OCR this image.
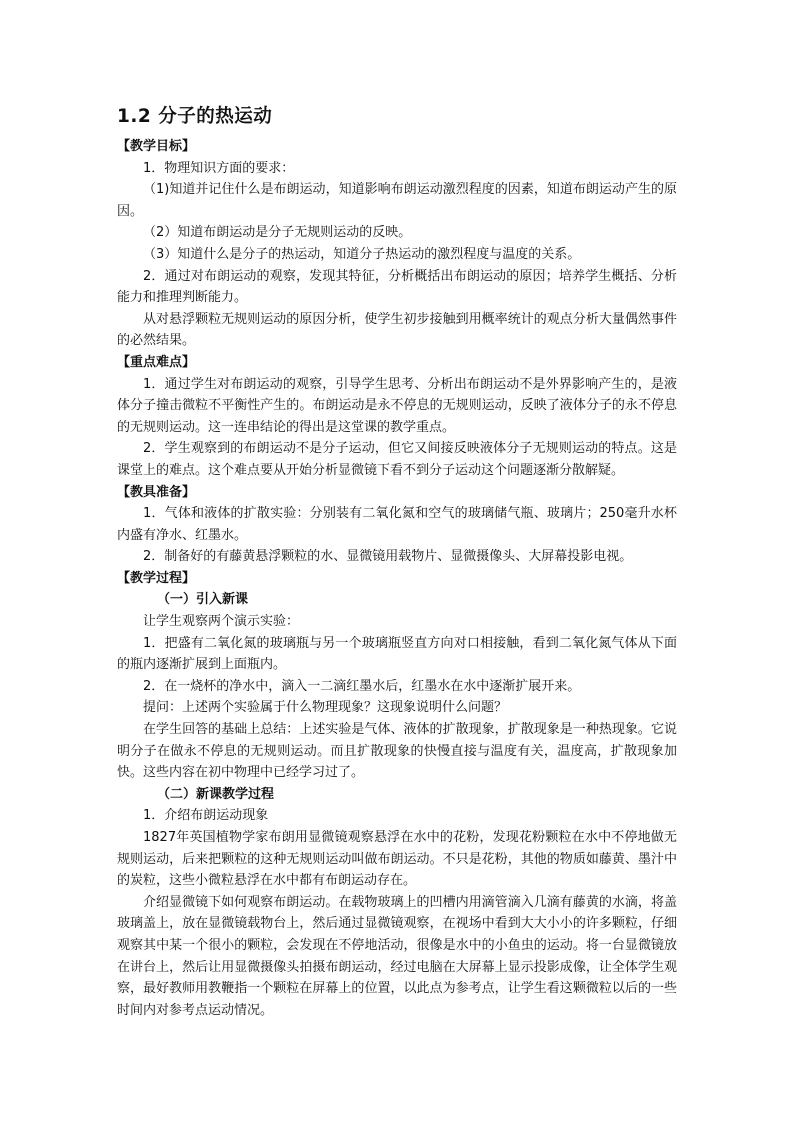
1.2 分子的热运动
【教学目标】

1．物理知识方面的要求：

（1)知道并记住什么是布朗运动，知道影响布朗运动激烈程度的因素，知道布朗运动产生的原因。

（2）知道布朗运动是分子无规则运动的反映。

（3）知道什么是分子的热运动，知道分子热运动的激烈程度与温度的关系。

2．通过对布朗运动的观察，发现其特征，分析概括出布朗运动的原因；培养学生概括、分析能力和推理判断能力。

从对悬浮颗粒无规则运动的原因分析，使学生初步接触到用概率统计的观点分析大量偶然事件的必然结果。

【重点难点】

1．通过学生对布朗运动的观察，引导学生思考、分析出布朗运动不是外界影响产生的，是液体分子撞击微粒不平衡性产生的。布朗运动是永不停息的无规则运动，反映了液体分子的永不停息的无规则运动。这一连串结论的得出是这堂课的教学重点。

2．学生观察到的布朗运动不是分子运动，但它又间接反映液体分子无规则运动的特点。这是课堂上的难点。这个难点要从开始分析显微镜下看不到分子运动这个问题逐渐分散解疑。

【教具准备】

1．气体和液体的扩散实验：分别装有二氧化氮和空气的玻璃储气瓶、玻璃片；250毫升水杯内盛有净水、红墨水。

2．制备好的有藤黄悬浮颗粒的水、显微镜用载物片、显微摄像头、大屏幕投影电视。

【教学过程】
（一）引入新课

让学生观察两个演示实验：

1．把盛有二氧化氮的玻璃瓶与另一个玻璃瓶竖直方向对口相接触，看到二氧化氮气体从下面的瓶内逐渐扩展到上面瓶内。

2．在一烧杯的净水中，滴入一二滴红墨水后，红墨水在水中逐渐扩展开来。

提问：上述两个实验属于什么物理现象？这现象说明什么问题？

在学生回答的基础上总结：上述实验是气体、液体的扩散现象，扩散现象是一种热现象。它说明分子在做永不停息的无规则运动。而且扩散现象的快慢直接与温度有关，温度高，扩散现象加快。这些内容在初中物理中已经学习过了。

（二）新课教学过程

1．介绍布朗运动现象

1827年英国植物学家布朗用显微镜观察悬浮在水中的花粉，发现花粉颗粒在水中不停地做无规则运动，后来把颗粒的这种无规则运动叫做布朗运动。不只是花粉，其他的物质如藤黄、墨汁中的炭粒，这些小微粒悬浮在水中都有布朗运动存在。

介绍显微镜下如何观察布朗运动。在载物玻璃上的凹槽内用滴管滴入几滴有藤黄的水滴，将盖玻璃盖上，放在显微镜载物台上，然后通过显微镜观察，在视场中看到大大小小的许多颗粒，仔细观察其中某一个很小的颗粒，会发现在不停地活动，很像是水中的小鱼虫的运动。将一台显微镜放在讲台上，然后让用显微摄像头拍摄布朗运动，经过电脑在大屏幕上显示投影成像，让全体学生观察，最好教师用教鞭指一个颗粒在屏幕上的位置，以此点为参考点，让学生看这颗微粒以后的一些时间内对参考点运动情况。
